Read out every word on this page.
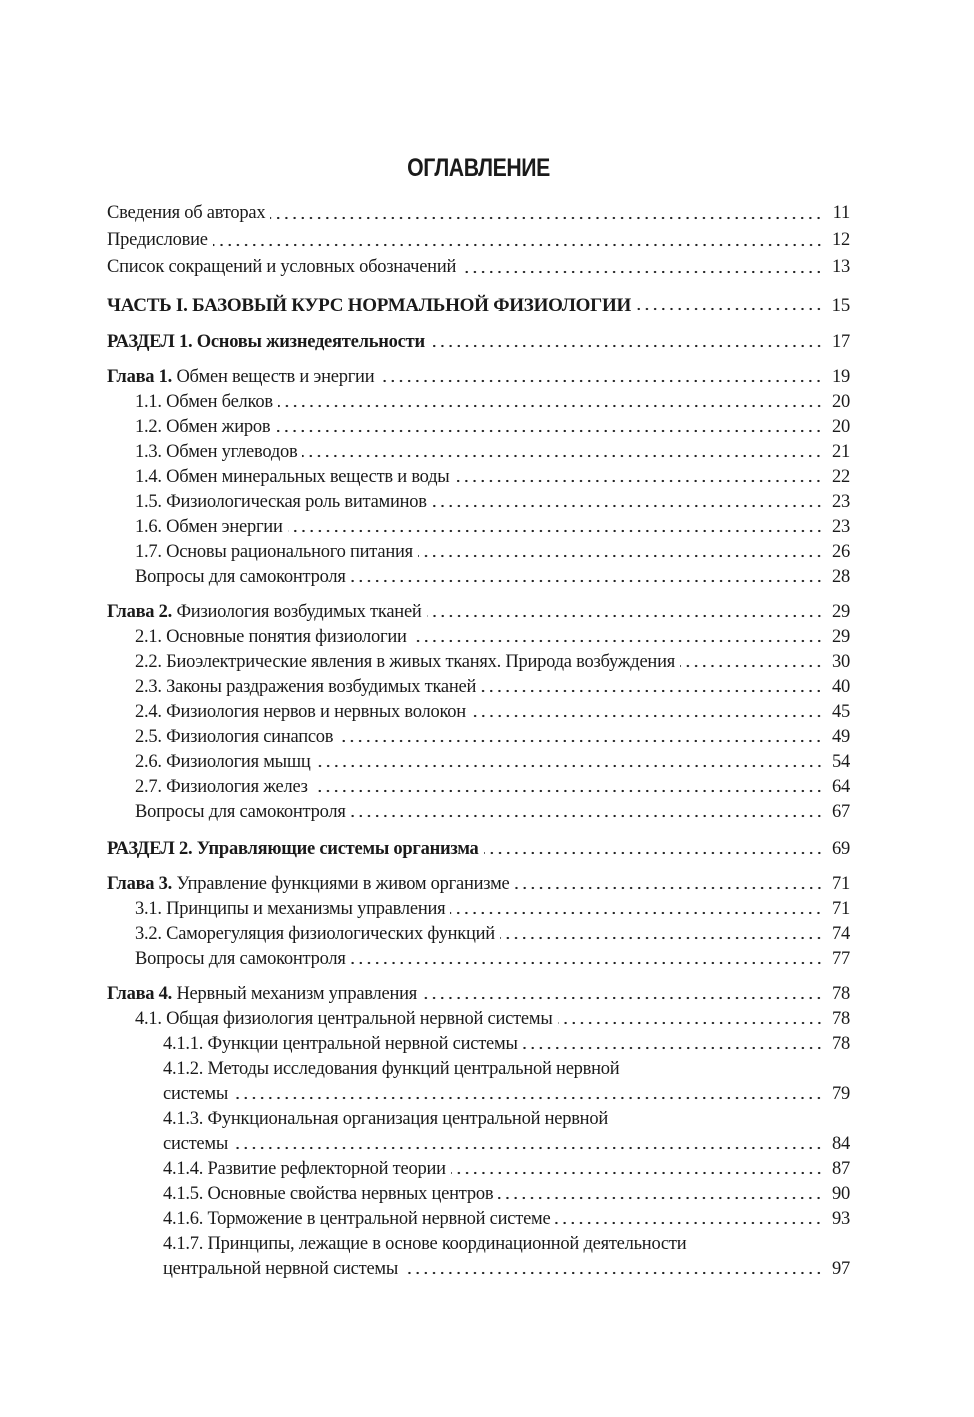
ОГЛАВЛЕНИЕ
Сведения об авторах	11
Предисловие	12
Список сокращений и условных обозначений	13
ЧАСТЬ I. БАЗОВЫЙ КУРС НОРМАЛЬНОЙ ФИЗИОЛОГИИ	15
РАЗДЕЛ 1. Основы жизнедеятельности	17
Глава 1. Обмен веществ и энергии	19
1.1. Обмен белков	20
1.2. Обмен жиров	20
1.3. Обмен углеводов	21
1.4. Обмен минеральных веществ и воды	22
1.5. Физиологическая роль витаминов	23
1.6. Обмен энергии	23
1.7. Основы рационального питания	26
Вопросы для самоконтроля	28
Глава 2. Физиология возбудимых тканей	29
2.1. Основные понятия физиологии	29
2.2. Биоэлектрические явления в живых тканях. Природа возбуждения	30
2.3. Законы раздражения возбудимых тканей	40
2.4. Физиология нервов и нервных волокон	45
2.5. Физиология синапсов	49
2.6. Физиология мышц	54
2.7. Физиология желез	64
Вопросы для самоконтроля	67
РАЗДЕЛ 2. Управляющие системы организма	69
Глава 3. Управление функциями в живом организме	71
3.1. Принципы и механизмы управления	71
3.2. Саморегуляция физиологических функций	74
Вопросы для самоконтроля	77
Глава 4. Нервный механизм управления	78
4.1. Общая физиология центральной нервной системы	78
4.1.1. Функции центральной нервной системы	78
4.1.2. Методы исследования функций центральной нервной
системы	79
4.1.3. Функциональная организация центральной нервной
системы	84
4.1.4. Развитие рефлекторной теории	87
4.1.5. Основные свойства нервных центров	90
4.1.6. Торможение в центральной нервной системе	93
4.1.7. Принципы, лежащие в основе координационной деятельности
центральной нервной системы	97
